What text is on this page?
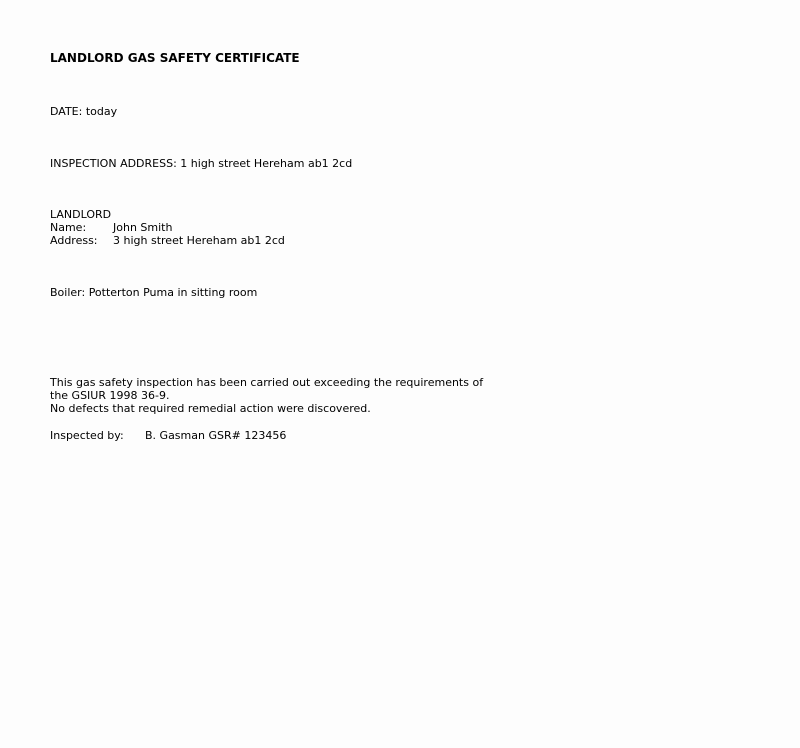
LANDLORD GAS SAFETY CERTIFICATE
DATE: today
INSPECTION ADDRESS: 1 high street Hereham ab1 2cd
LANDLORD
Name: John Smith
Address: 3 high street Hereham ab1 2cd
Boiler: Potterton Puma in sitting room
This gas safety inspection has been carried out exceeding the requirements of
the GSIUR 1998 36-9.
No defects that required remedial action were discovered.
Inspected by: B. Gasman GSR# 123456
